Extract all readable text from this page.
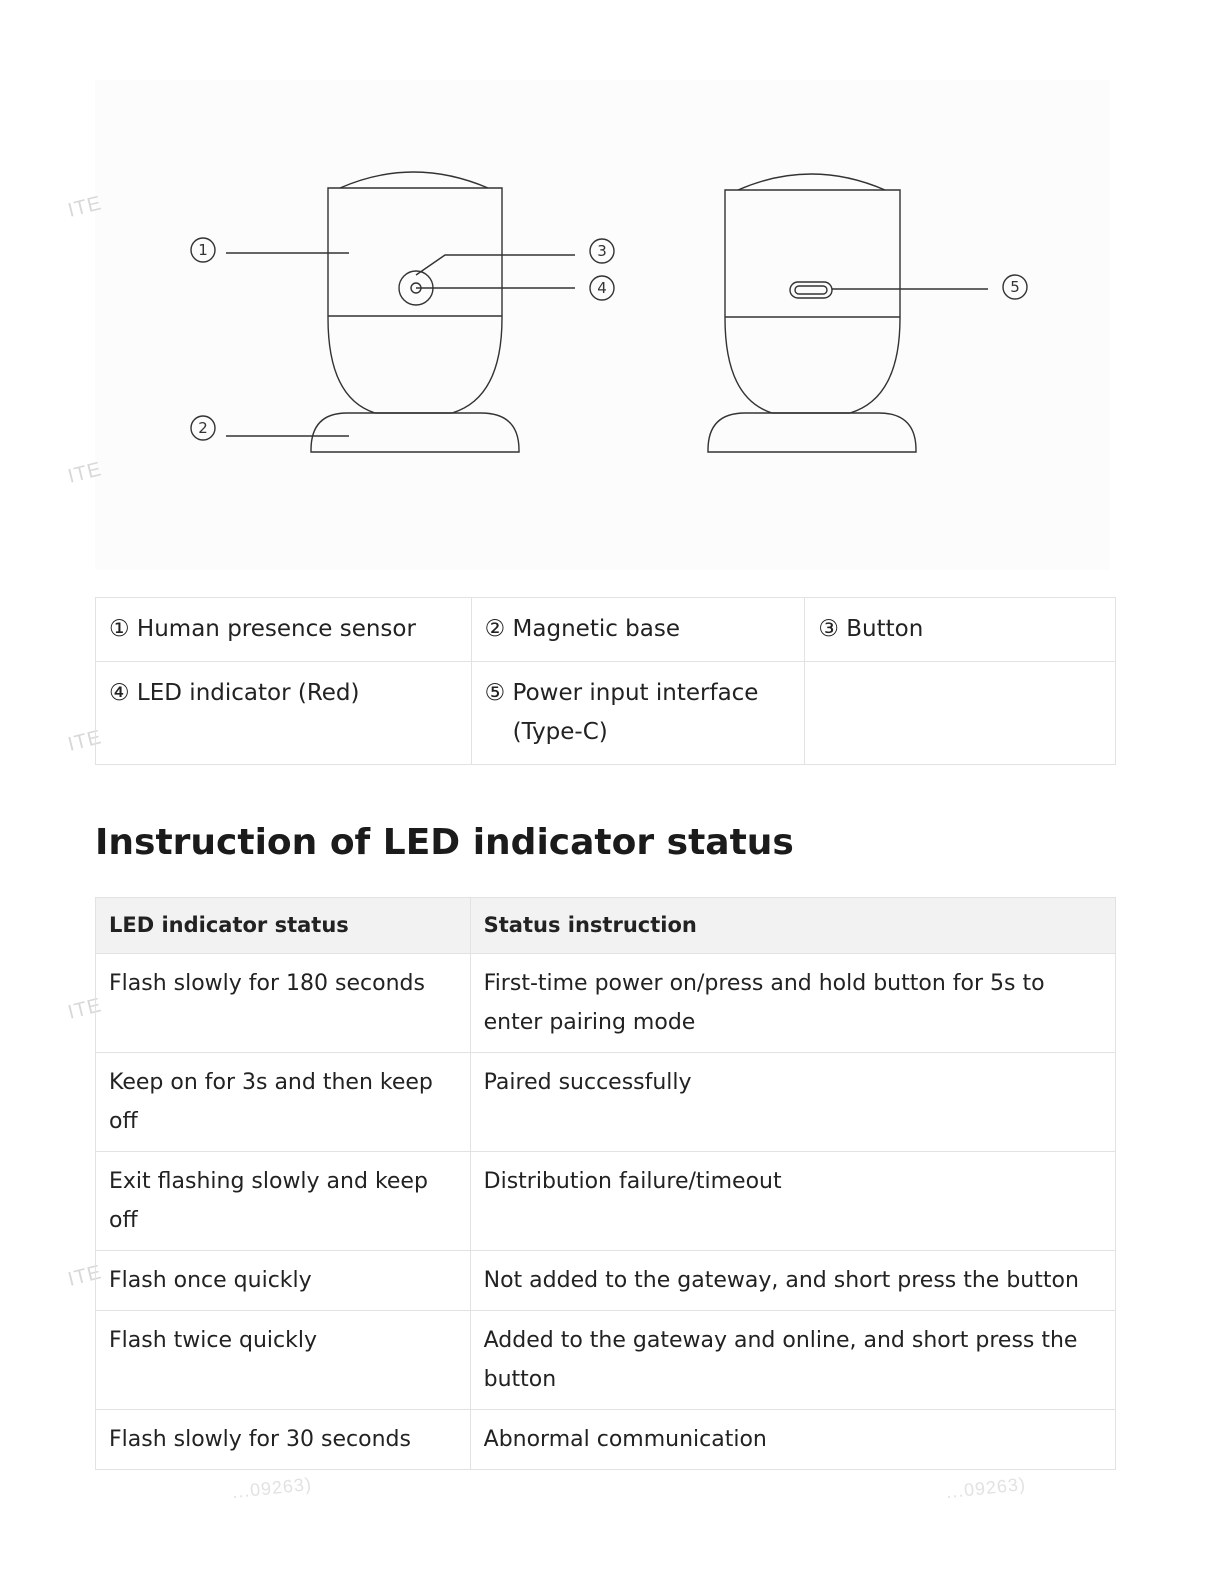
1
2
3
4	5
ITE
ITE
ITE
ITE
ITE
...09263)	...09263)
① Human presence sensor	② Magnetic base	③ Button
④ LED indicator (Red)	⑤ Power input interface
(Type-C)	

Instruction of LED indicator status
LED indicator status	Status instruction
Flash slowly for 180 seconds	First-time power on/press and hold button for 5s to enter pairing mode
Keep on for 3s and then keep off	Paired successfully
Exit flashing slowly and keep off	Distribution failure/timeout
Flash once quickly	Not added to the gateway, and short press the button
Flash twice quickly	Added to the gateway and online, and short press the button
Flash slowly for 30 seconds	Abnormal communication
